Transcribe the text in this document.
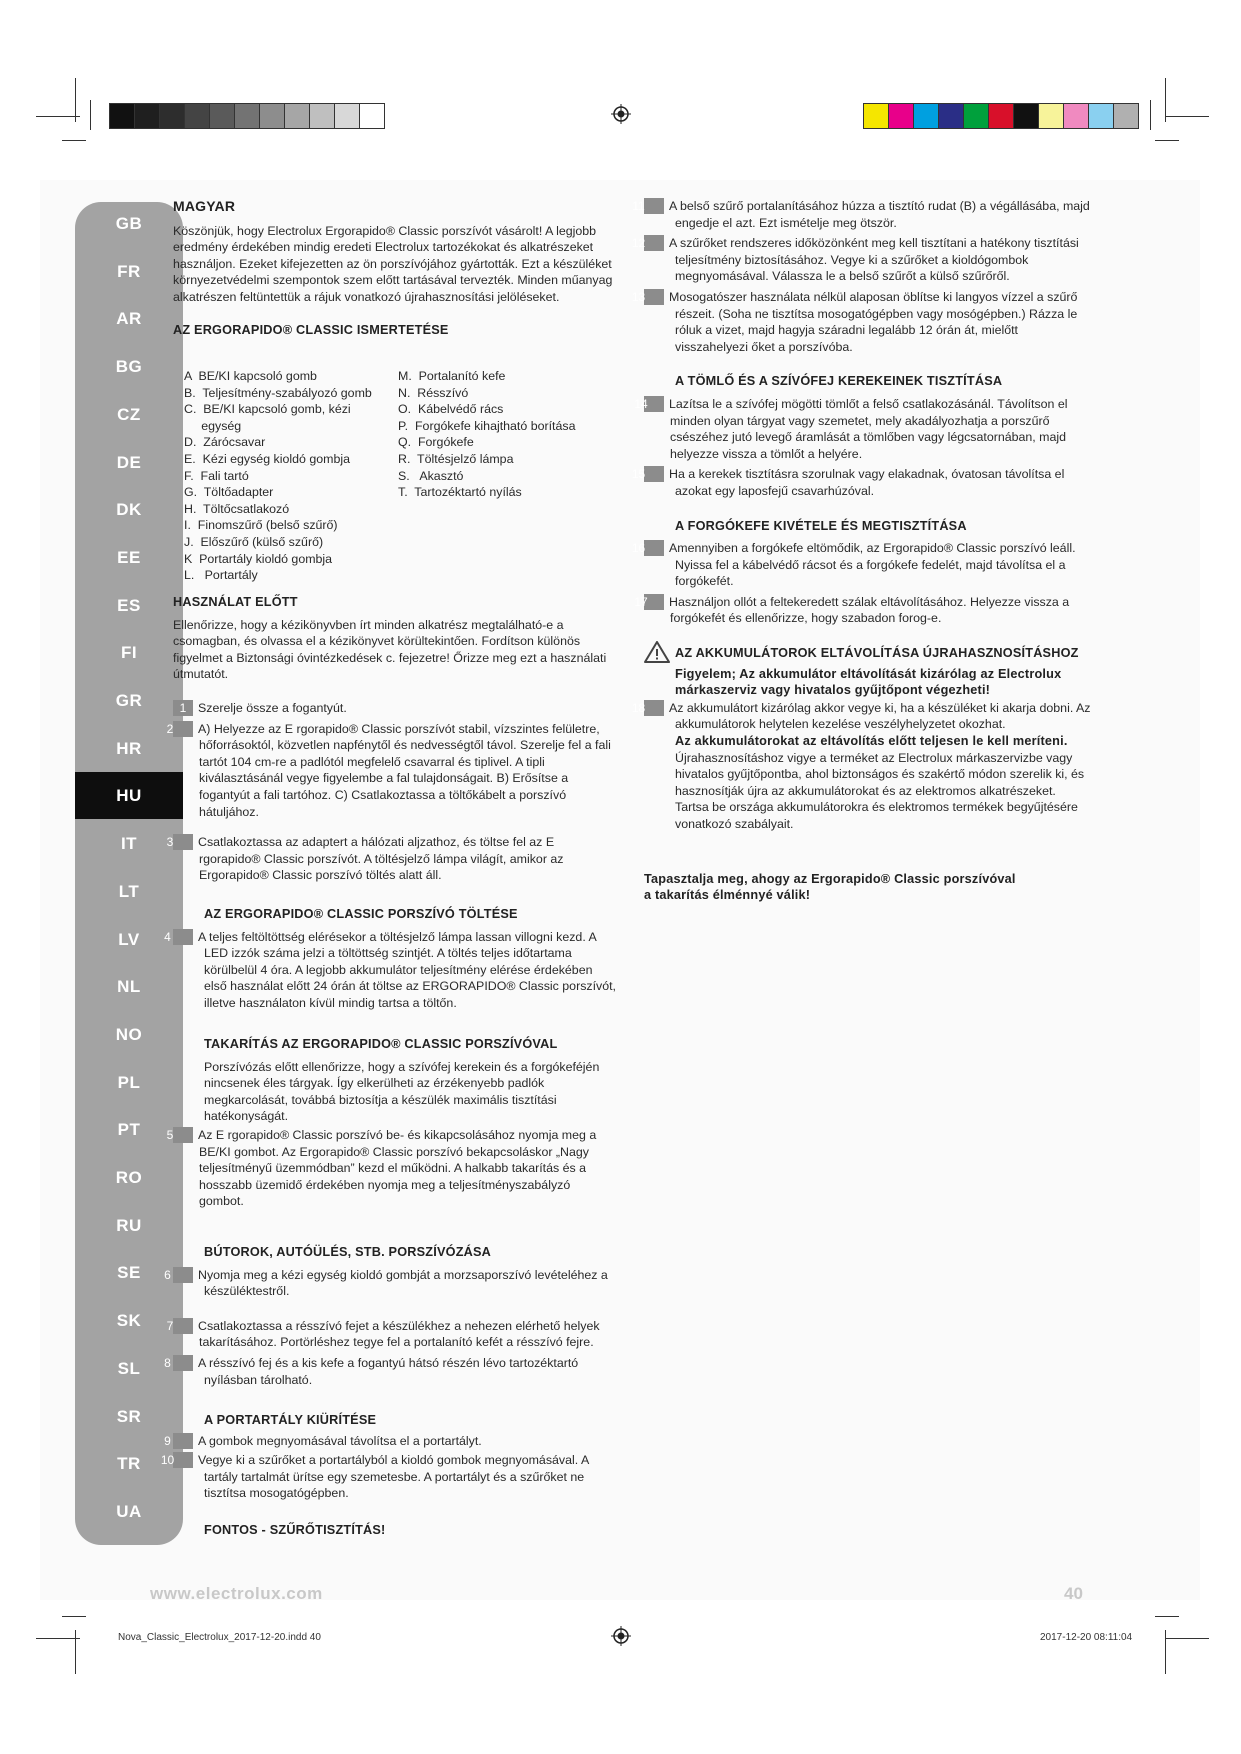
GB
FR
AR
BG
CZ
DE
DK
EE
ES
FI
GR
HR
HU
IT
LT
LV
NL
NO
PL
PT
RO
RU
SE
SK
SL
SR
TR
UA

MAGYAR

Köszönjük, hogy Electrolux Ergorapido® Classic porszívót vásárolt! A legjobb eredmény érdekében mindig eredeti Electrolux tartozékokat és alkatrészeket használjon. Ezeket kifejezetten az ön porszívójához gyártották. Ezt a készüléket környezetvédelmi szempontok szem előtt tartásával tervezték. Minden műanyag alkatrészen feltüntettük a rájuk vonatkozó újrahasznosítási jelöléseket.

AZ ERGORAPIDO® CLASSIC ISMERTETÉSE

A  BE/KI kapcsoló gomb
B.  Teljesítmény-szabályozó gomb
C.  BE/KI kapcsoló gomb, kézi
egység
D.  Zárócsavar
E.  Kézi egység kioldó gombja
F.  Fali tartó
G.  Töltőadapter
H.  Töltőcsatlakozó
I.  Finomszűrő (belső szűrő)
J.  Előszűrő (külső szűrő)
K  Portartály kioldó gombja
L.   Portartály
M.  Portalanító kefe
N.  Résszívó
O.  Kábelvédő rács
P.  Forgókefe kihajtható borítása
Q.  Forgókefe
R.  Töltésjelző lámpa
S.   Akasztó
T.  Tartozéktartó nyílás

HASZNÁLAT ELŐTT

Ellenőrizze, hogy a kézikönyvben írt minden alkatrész megtalálható-e a csomagban, és olvassa el a kézikönyvet körültekintően. Fordítson különös figyelmet a Biztonsági óvintézkedések c. fejezetre! Őrizze meg ezt a használati útmutatót.

1 Szerelje össze a fogantyút.

2 A) Helyezze az E rgorapido® Classic porszívót stabil, vízszintes felületre, hőforrásoktól, közvetlen napfénytől és nedvességtől távol. Szerelje fel a fali tartót 104 cm-re a padlótól megfelelő csavarral és tiplivel. A tipli kiválasztásánál vegye figyelembe a fal tulajdonságait. B) Erősítse a fogantyút a fali tartóhoz. C) Csatlakoztassa a töltőkábelt a porszívó hátuljához.

3 Csatlakoztassa az adaptert a hálózati aljzathoz, és töltse fel az E rgorapido® Classic porszívót. A töltésjelző lámpa világít, amikor az Ergorapido® Classic porszívó töltés alatt áll.

AZ ERGORAPIDO® CLASSIC PORSZÍVÓ TÖLTÉSE

4 A teljes feltöltöttség elérésekor a töltésjelző lámpa lassan villogni kezd. A LED izzók száma jelzi a töltöttség szintjét. A töltés teljes időtartama körülbelül 4 óra. A legjobb akkumulátor teljesítmény elérése érdekében első használat előtt 24 órán át töltse az ERGORAPIDO® Classic porszívót, illetve használaton kívül mindig tartsa a töltőn.

TAKARÍTÁS AZ ERGORAPIDO® CLASSIC PORSZÍVÓVAL

Porszívózás előtt ellenőrizze, hogy a szívófej kerekein és a forgókeféjén nincsenek éles tárgyak. Így elkerülheti az érzékenyebb padlók megkarcolását, továbbá biztosítja a készülék maximális tisztítási hatékonyságát.

5 Az E rgorapido® Classic porszívó be- és kikapcsolásához nyomja meg a BE/KI gombot. Az Ergorapido® Classic porszívó bekapcsoláskor „Nagy teljesítményű üzemmódban” kezd el működni. A halkabb takarítás és a hosszabb üzemidő érdekében nyomja meg a teljesítményszabályzó gombot.

BÚTOROK, AUTÓÜLÉS, STB. PORSZÍVÓZÁSA

6 Nyomja meg a kézi egység kioldó gombját a morzsaporszívó levételéhez a készüléktestről.

7 Csatlakoztassa a résszívó fejet a készülékhez a nehezen elérhető helyek takarításához. Portörléshez tegye fel a portalanító kefét a résszívó fejre.

8 A résszívó fej és a kis kefe a fogantyú hátsó részén lévo tartozéktartó nyílásban tárolható.

A PORTARTÁLY KIÜRÍTÉSE

9 A gombok megnyomásával távolítsa el a portartályt.

10 Vegye ki a szűrőket a portartályból a kioldó gombok megnyomásával. A tartály tartalmát ürítse egy szemetesbe. A portartályt és a szűrőket ne tisztítsa mosogatógépben.

FONTOS - SZŰRŐTISZTÍTÁS!

11 A belső szűrő portalanításához húzza a tisztító rudat (B) a végállásába, majd engedje el azt. Ezt ismételje meg ötször.

12 A szűrőket rendszeres időközönként meg kell tisztítani a hatékony tisztítási teljesítmény biztosításához. Vegye ki a szűrőket a kioldógombok megnyomásával. Válassza le a belső szűrőt a külső szűrőről.

13 Mosogatószer használata nélkül alaposan öblítse ki langyos vízzel a szűrő részeit. (Soha ne tisztítsa mosogatógépben vagy mosógépben.) Rázza le róluk a vizet, majd hagyja száradni legalább 12 órán át, mielőtt visszahelyezi őket a porszívóba.

A TÖMLŐ ÉS A SZÍVÓFEJ KEREKEINEK TISZTÍTÁSA

14 Lazítsa le a szívófej mögötti tömlőt a felső csatlakozásánál. Távolítson el minden olyan tárgyat vagy szemetet, mely akadályozhatja a porszűrő csészéhez jutó levegő áramlását a tömlőben vagy légcsatornában, majd helyezze vissza a tömlőt a helyére.

15 Ha a kerekek tisztításra szorulnak vagy elakadnak, óvatosan távolítsa el azokat egy laposfejű csavarhúzóval.

A FORGÓKEFE KIVÉTELE ÉS MEGTISZTÍTÁSA

16 Amennyiben a forgókefe eltömődik, az Ergorapido® Classic porszívó leáll. Nyissa fel a kábelvédő rácsot és a forgókefe fedelét, majd távolítsa el a forgókefét.

17 Használjon ollót a feltekeredett szálak eltávolításához. Helyezze vissza a forgókefét és ellenőrizze, hogy szabadon forog-e.

AZ AKKUMULÁTOROK ELTÁVOLÍTÁSA ÚJRAHASZNOSÍTÁSHOZ

Figyelem; Az akkumulátor eltávolítását kizárólag az Electrolux márkaszerviz vagy hivatalos gyűjtőpont végezheti!

18 Az akkumulátort kizárólag akkor vegye ki, ha a készüléket ki akarja dobni. Az akkumulátorok helytelen kezelése veszélyhelyzetet okozhat.

Az akkumulátorokat az eltávolítás előtt teljesen le kell meríteni.

Újrahasznosításhoz vigye a terméket az Electrolux márkaszervizbe vagy hivatalos gyűjtőpontba, ahol biztonságos és szakértő módon szerelik ki, és hasznosítják újra az akkumulátorokat és az elektromos alkatrészeket. Tartsa be országa akkumulátorokra és elektromos termékek begyűjtésére vonatkozó szabályait.

Tapasztalja meg, ahogy az Ergorapido® Classic porszívóval a takarítás élménnyé válik!

www.electrolux.com	40
Nova_Classic_Electrolux_2017-12-20.indd 40	2017-12-20 08:11:04
